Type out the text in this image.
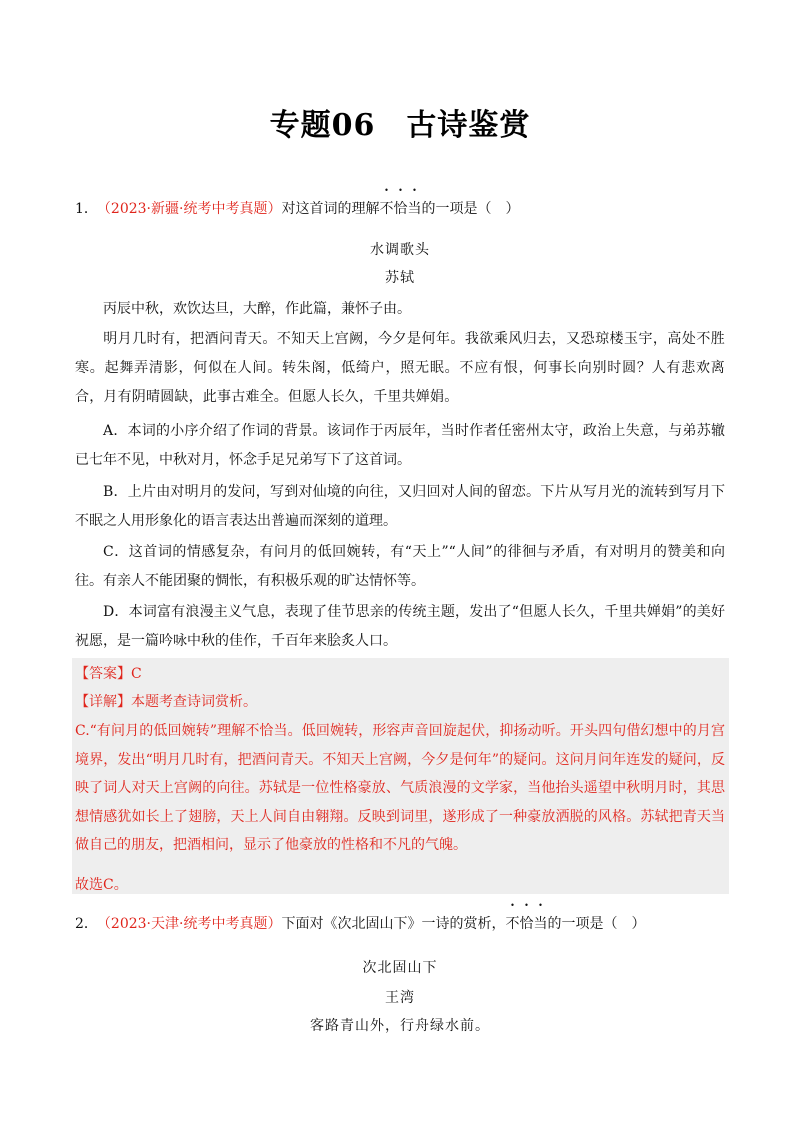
专题06　古诗鉴赏
1． （2023·新疆·统考中考真题）对这首词的理解不恰当的一项是（　）
水调歌头
苏轼
丙辰中秋，欢饮达旦，大醉，作此篇，兼怀子由。
明月几时有，把酒问青天。不知天上宫阙，今夕是何年。我欲乘风归去，又恐琼楼玉宇，高处不胜寒。起舞弄清影，何似在人间。转朱阁，低绮户，照无眠。不应有恨，何事长向别时圆？人有悲欢离合，月有阴晴圆缺，此事古难全。但愿人长久，千里共婵娟。
A．本词的小序介绍了作词的背景。该词作于丙辰年，当时作者任密州太守，政治上失意，与弟苏辙已七年不见，中秋对月，怀念手足兄弟写下了这首词。
B．上片由对明月的发问，写到对仙境的向往，又归回对人间的留恋。下片从写月光的流转到写月下不眠之人用形象化的语言表达出普遍而深刻的道理。
C．这首词的情感复杂，有问月的低回婉转，有“天上”“人间”的徘徊与矛盾，有对明月的赞美和向往。有亲人不能团聚的惆怅，有积极乐观的旷达情怀等。
D．本词富有浪漫主义气息，表现了佳节思亲的传统主题，发出了“但愿人长久，千里共婵娟”的美好祝愿，是一篇吟咏中秋的佳作，千百年来脍炙人口。
【答案】C
【详解】本题考查诗词赏析。
C.“有问月的低回婉转”理解不恰当。低回婉转，形容声音回旋起伏，抑扬动听。开头四句借幻想中的月宫境界，发出“明月几时有，把酒问青天。不知天上宫阙，今夕是何年”的疑问。这问月问年连发的疑问，反映了词人对天上宫阙的向往。苏轼是一位性格豪放、气质浪漫的文学家，当他抬头遥望中秋明月时，其思想情感犹如长上了翅膀，天上人间自由翱翔。反映到词里，遂形成了一种豪放洒脱的风格。苏轼把青天当做自己的朋友，把酒相问，显示了他豪放的性格和不凡的气魄。
故选C。
2． （2023·天津·统考中考真题）下面对《次北固山下》一诗的赏析，不恰当的一项是（　）
次北固山下
王湾
客路青山外，行舟绿水前。
